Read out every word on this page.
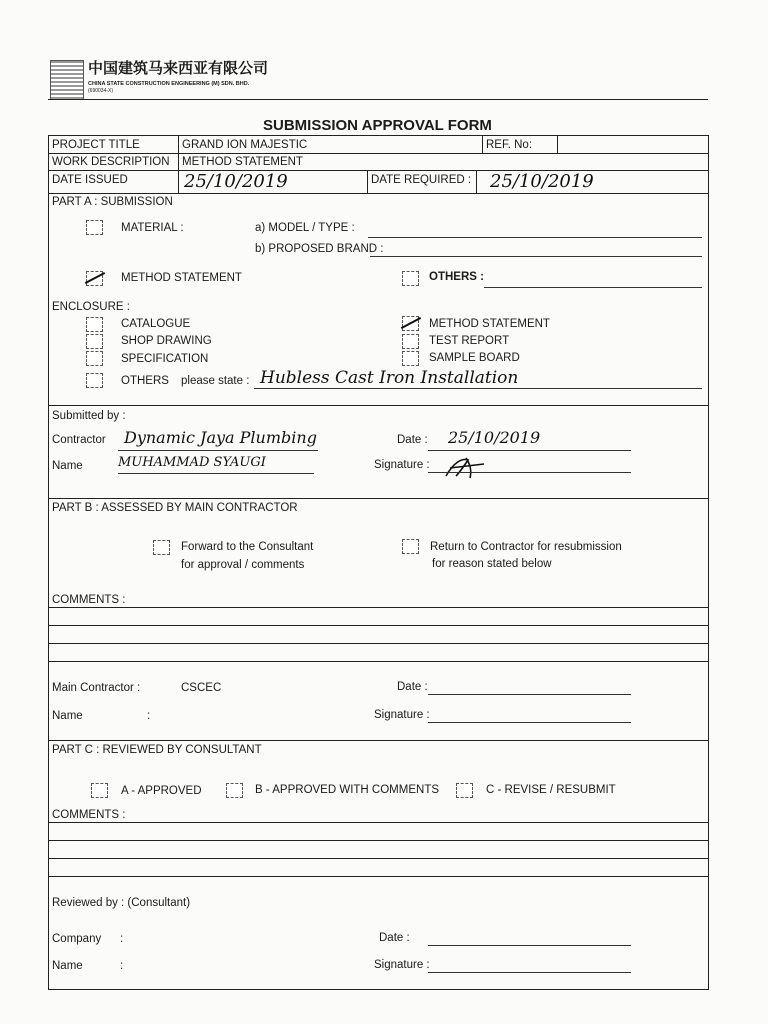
中国建筑马来西亚有限公司
CHINA STATE CONSTRUCTION ENGINEERING (M) SDN. BHD.
(690034-X)
SUBMISSION APPROVAL FORM
PROJECT TITLE	GRAND ION MAJESTIC	REF. No:
WORK DESCRIPTION METHOD STATEMENT
DATE ISSUED	25/10/2019	DATE REQUIRED : 25/10/2019
PART A : SUBMISSION
MATERIAL :	a) MODEL / TYPE :
b) PROPOSED BRAND :
METHOD STATEMENT	OTHERS :
ENCLOSURE :
CATALOGUE
SHOP DRAWING
SPECIFICATION
METHOD STATEMENT
TEST REPORT
SAMPLE BOARD
OTHERS please state : Hubless Cast Iron Installation
Submitted by :
Contractor Dynamic Jaya Plumbing
Name	MUHAMMAD SYAUGI
Date : 25/10/2019
Signature :
PART B : ASSESSED BY MAIN CONTRACTOR
Forward to the Consultant
for approval / comments
Return to Contractor for resubmission
for reason stated below
COMMENTS :
Main Contractor :	CSCEC	Date :
Name	:	Signature :
PART C : REVIEWED BY CONSULTANT
A - APPROVED	B - APPROVED WITH COMMENTS	C - REVISE / RESUBMIT
COMMENTS :
Reviewed by : (Consultant)
Company :	Date :
Name	:	Signature :
